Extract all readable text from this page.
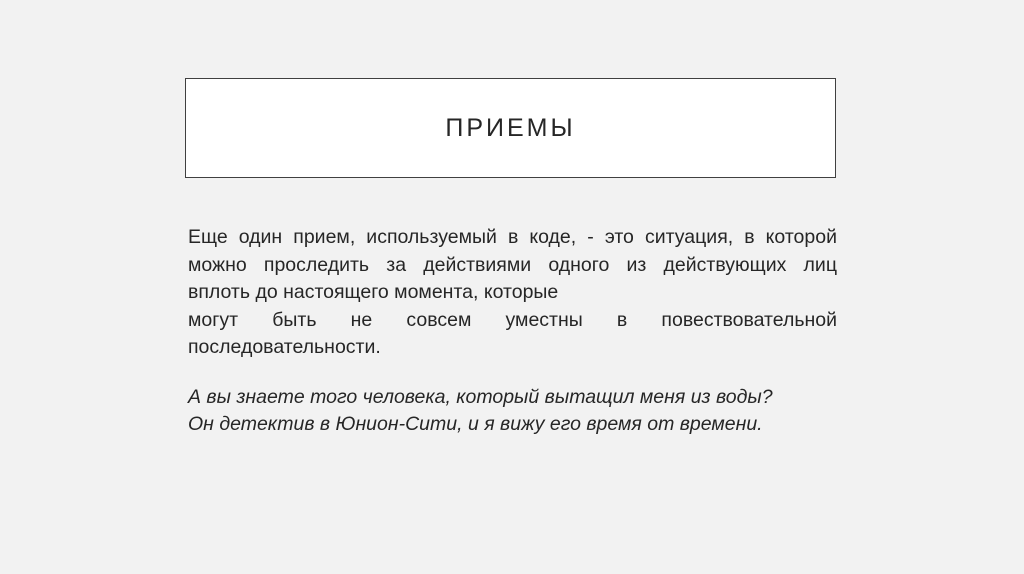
ПРИЕМЫ

Еще один прием, используемый в коде, - это ситуация, в которой
можно проследить за действиями одного из действующих лиц
вплоть до настоящего момента, которые
могут быть не совсем уместны в повествовательной
последовательности.

А вы знаете того человека, который вытащил меня из воды?
Он детектив в Юнион-Сити, и я вижу его время от времени.
